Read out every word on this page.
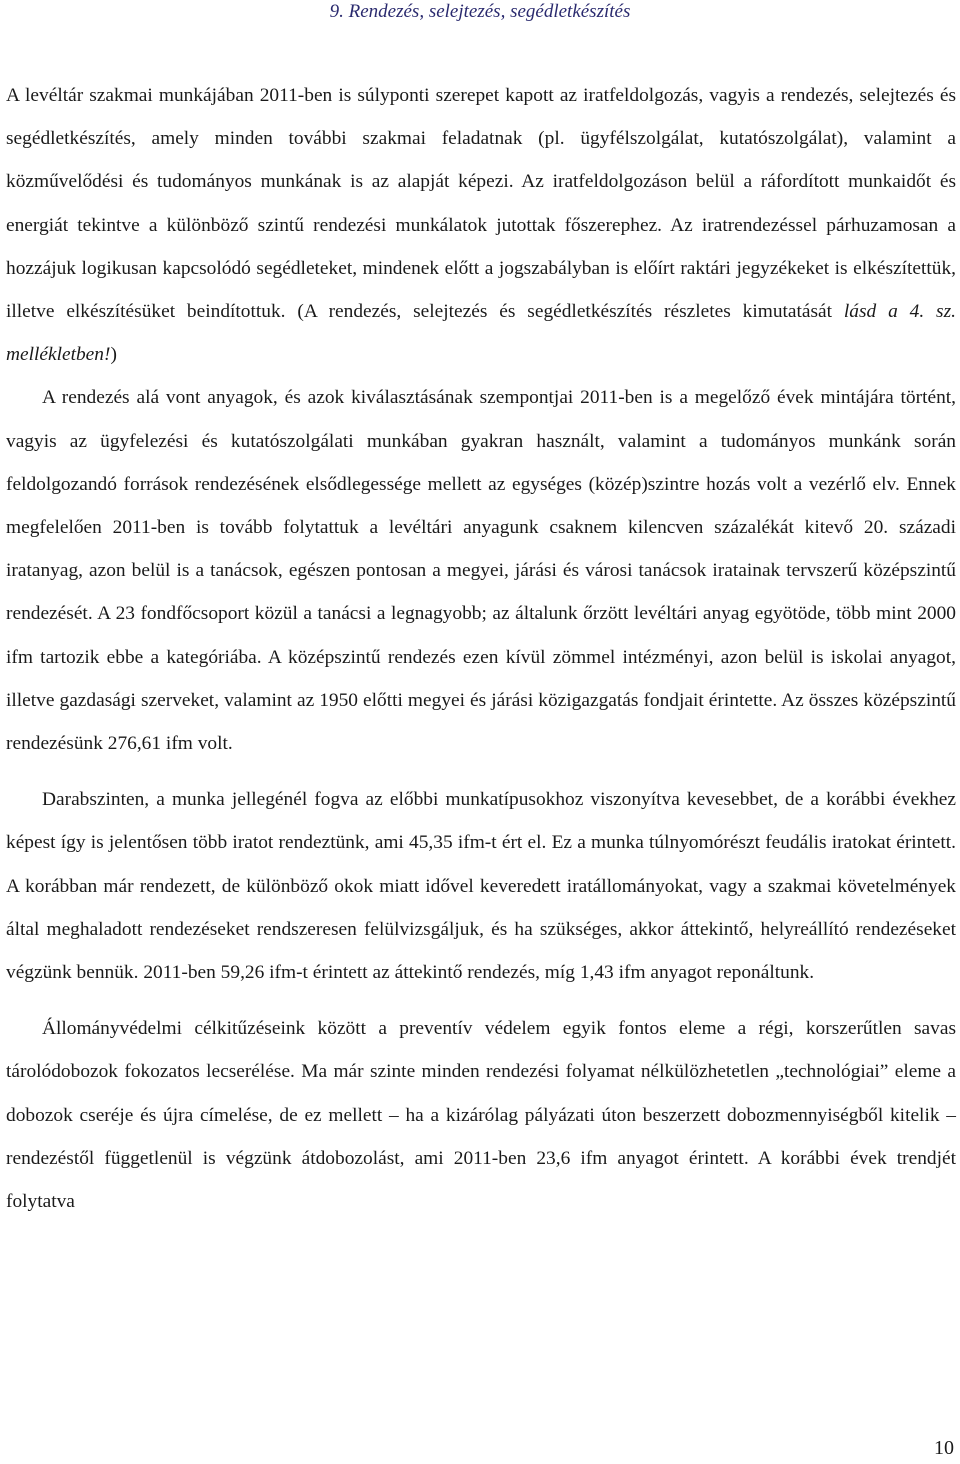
9. Rendezés, selejtezés, segédletkészítés

A levéltár szakmai munkájában 2011-ben is súlyponti szerepet kapott az iratfeldolgozás, vagyis a rendezés, selejtezés és segédletkészítés, amely minden további szakmai feladatnak (pl. ügyfélszolgálat, kutatószolgálat), valamint a közművelődési és tudományos munkának is az alapját képezi. Az iratfeldolgozáson belül a ráfordított munkaidőt és energiát tekintve a különböző szintű rendezési munkálatok jutottak főszerephez. Az iratrendezéssel párhuzamosan a hozzájuk logikusan kapcsolódó segédleteket, mindenek előtt a jogszabályban is előírt raktári jegyzékeket is elkészítettük, illetve elkészítésüket beindítottuk. (A rendezés, selejtezés és segédletkészítés részletes kimutatását lásd a 4. sz. mellékletben!)

A rendezés alá vont anyagok, és azok kiválasztásának szempontjai 2011-ben is a megelőző évek mintájára történt, vagyis az ügyfelezési és kutatószolgálati munkában gyakran használt, valamint a tudományos munkánk során feldolgozandó források rendezésének elsődlegessége mellett az egységes (közép)szintre hozás volt a vezérlő elv. Ennek megfelelően 2011-ben is tovább folytattuk a levéltári anyagunk csaknem kilencven százalékát kitevő 20. századi iratanyag, azon belül is a tanácsok, egészen pontosan a megyei, járási és városi tanácsok iratainak tervszerű középszintű rendezését. A 23 fondfőcsoport közül a tanácsi a legnagyobb; az általunk őrzött levéltári anyag egyötöde, több mint 2000 ifm tartozik ebbe a kategóriába. A középszintű rendezés ezen kívül zömmel intézményi, azon belül is iskolai anyagot, illetve gazdasági szerveket, valamint az 1950 előtti megyei és járási közigazgatás fondjait érintette. Az összes középszintű rendezésünk 276,61 ifm volt.

Darabszinten, a munka jellegénél fogva az előbbi munkatípusokhoz viszonyítva kevesebbet, de a korábbi évekhez képest így is jelentősen több iratot rendeztünk, ami 45,35 ifm-t ért el. Ez a munka túlnyomórészt feudális iratokat érintett. A korábban már rendezett, de különböző okok miatt idővel keveredett iratállományokat, vagy a szakmai követelmények által meghaladott rendezéseket rendszeresen felülvizsgáljuk, és ha szükséges, akkor áttekintő, helyreállító rendezéseket végzünk bennük. 2011-ben 59,26 ifm-t érintett az áttekintő rendezés, míg 1,43 ifm anyagot reponáltunk.

Állományvédelmi célkitűzéseink között a preventív védelem egyik fontos eleme a régi, korszerűtlen savas tárolódobozok fokozatos lecserélése. Ma már szinte minden rendezési folyamat nélkülözhetetlen „technológiai” eleme a dobozok cseréje és újra címelése, de ez mellett – ha a kizárólag pályázati úton beszerzett dobozmennyiségből kitelik – rendezéstől függetlenül is végzünk átdobozolást, ami 2011-ben 23,6 ifm anyagot érintett. A korábbi évek trendjét folytatva

10
